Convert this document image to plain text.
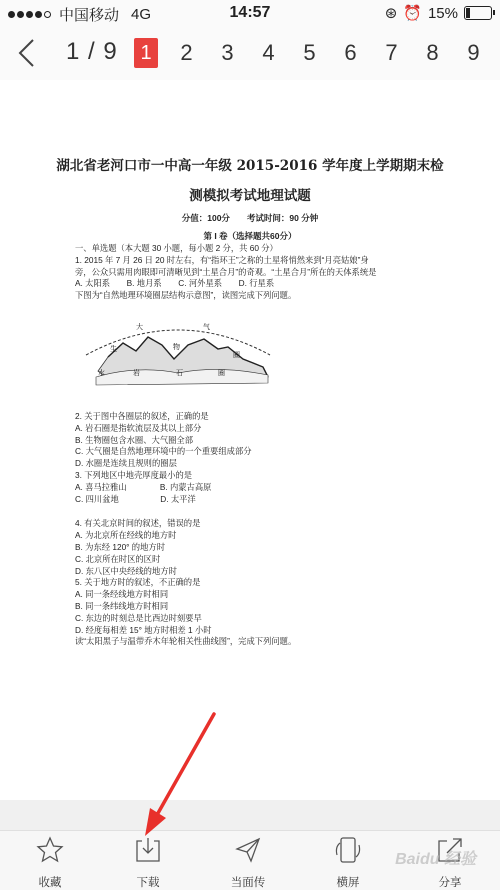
中国移动 4G	14:57	⊛ ⏰ 15%
1 / 9	1	2	3	4	5	6	7	8	9
湖北省老河口市一中高一年级 2015-2016 学年度上学期期末检
测模拟考试地理试题
分值：100分　　考试时间：90 分钟
第 I 卷（选择题共60分）
一、单选题（本大题 30 小题，每小题 2 分，共 60 分）
1. 2015 年 7 月 26 日 20 时左右，有“指环王”之称的土星将悄然来到“月亮姑娘”身
旁，公众只需用肉眼即可清晰见到“土星合月”的奇观。“土星合月”所在的天体系统是
A. 太阳系　　B. 地月系　　C. 河外星系　　D. 行星系
下图为“自然地理环境圈层结构示意图”，读图完成下列问题。
大	气
生	物
水	岩	石
圈
圈
2. 关于图中各圈层的叙述，正确的是
A. 岩石圈是指软流层及其以上部分
B. 生物圈包含水圈、大气圈全部
C. 大气圈是自然地理环境中的一个重要组成部分
D. 水圈是连续且规则的圈层
3. 下列地区中地壳厚度最小的是
A. 喜马拉雅山　　　　B. 内蒙古高原
C. 四川盆地　　　　　D. 太平洋
4. 有关北京时间的叙述，错误的是
A. 为北京所在经线的地方时
B. 为东经 120° 的地方时
C. 北京所在时区的区时
D. 东八区中央经线的地方时
5. 关于地方时的叙述，不正确的是
A. 同一条经线地方时相同
B. 同一条纬线地方时相同
C. 东边的时刻总是比西边时刻要早
D. 经度每相差 15° 地方时相差 1 小时
读“太阳黑子与温带乔木年轮相关性曲线图”，完成下列问题。
收藏	下载	当面传	横屏	分享
Baidu 经验
